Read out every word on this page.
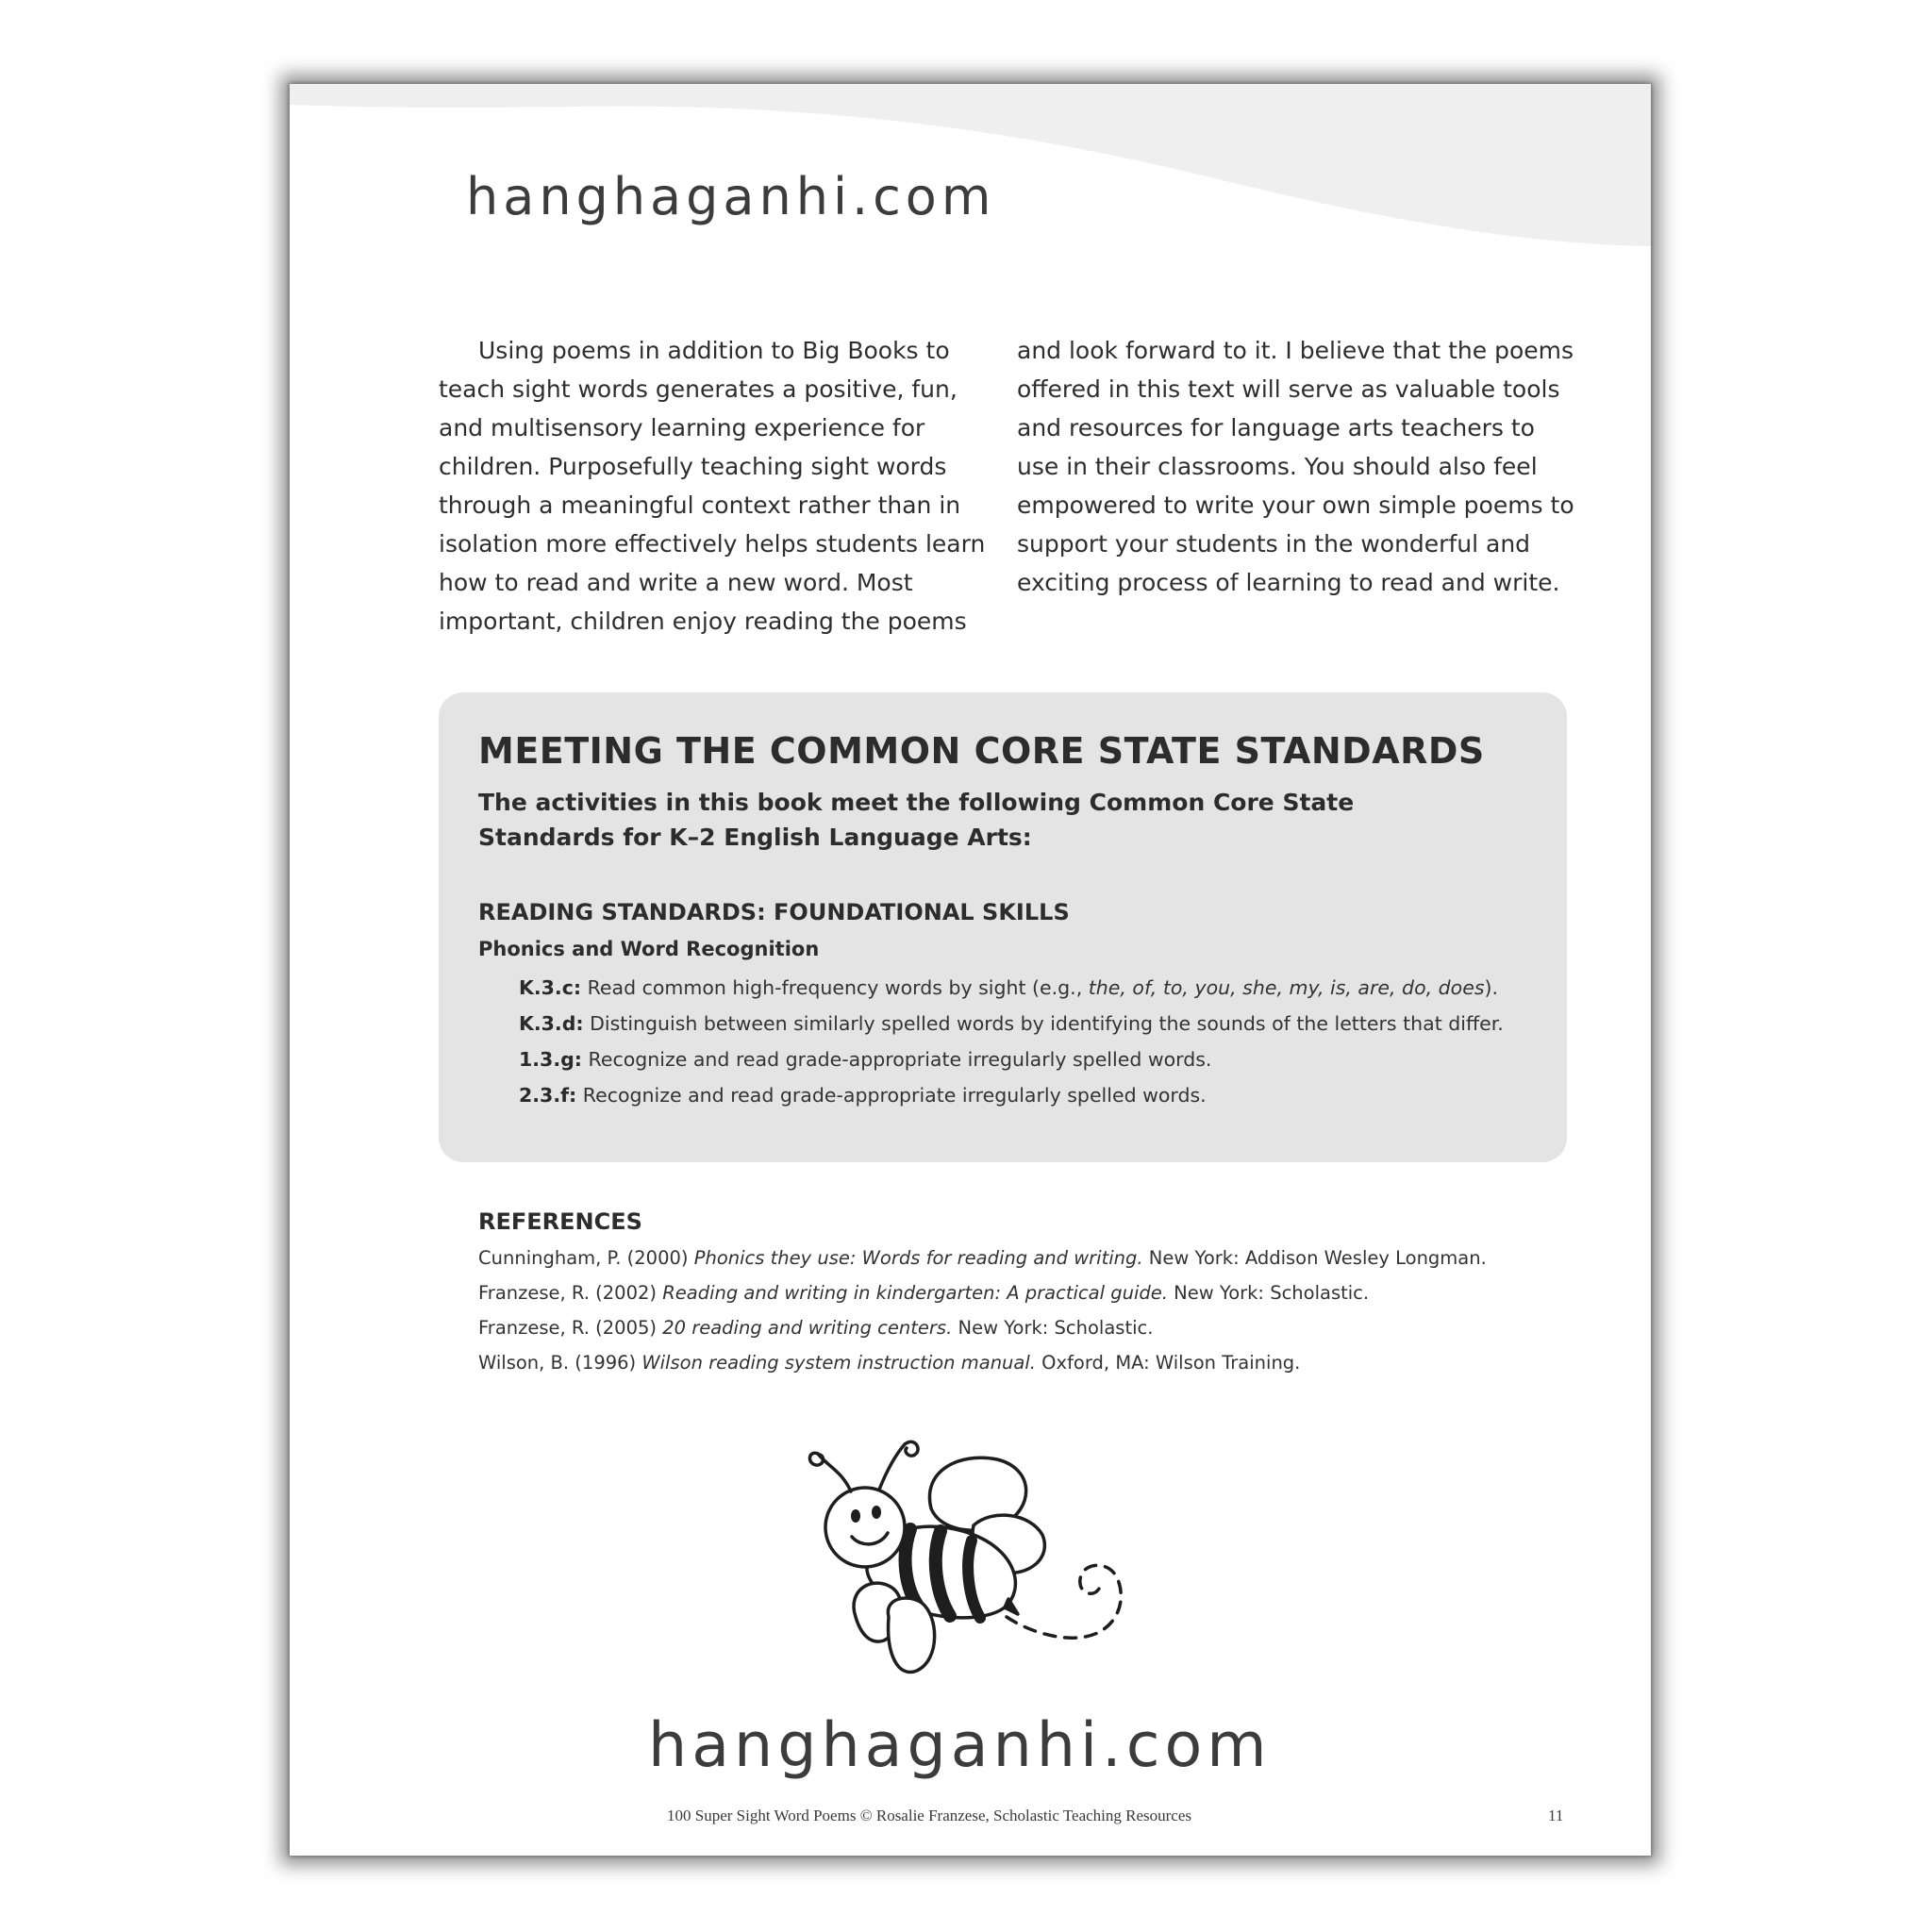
hanghaganhi.com

Using poems in addition to Big Books to teach sight words generates a positive, fun, and multisensory learning experience for children. Purposefully teaching sight words through a meaningful context rather than in isolation more effectively helps students learn how to read and write a new word. Most important, children enjoy reading the poems

and look forward to it. I believe that the poems offered in this text will serve as valuable tools and resources for language arts teachers to use in their classrooms. You should also feel empowered to write your own simple poems to support your students in the wonderful and exciting process of learning to read and write.

MEETING THE COMMON CORE STATE STANDARDS

The activities in this book meet the following Common Core State Standards for K–2 English Language Arts:

READING STANDARDS: FOUNDATIONAL SKILLS
Phonics and Word Recognition
K.3.c: Read common high-frequency words by sight (e.g., the, of, to, you, she, my, is, are, do, does).
K.3.d: Distinguish between similarly spelled words by identifying the sounds of the letters that differ.
1.3.g: Recognize and read grade-appropriate irregularly spelled words.
2.3.f: Recognize and read grade-appropriate irregularly spelled words.
REFERENCES
Cunningham, P. (2000) Phonics they use: Words for reading and writing. New York: Addison Wesley Longman.
Franzese, R. (2002) Reading and writing in kindergarten: A practical guide. New York: Scholastic.
Franzese, R. (2005) 20 reading and writing centers. New York: Scholastic.
Wilson, B. (1996) Wilson reading system instruction manual. Oxford, MA: Wilson Training.
hanghaganhi.com
100 Super Sight Word Poems © Rosalie Franzese, Scholastic Teaching Resources	11
